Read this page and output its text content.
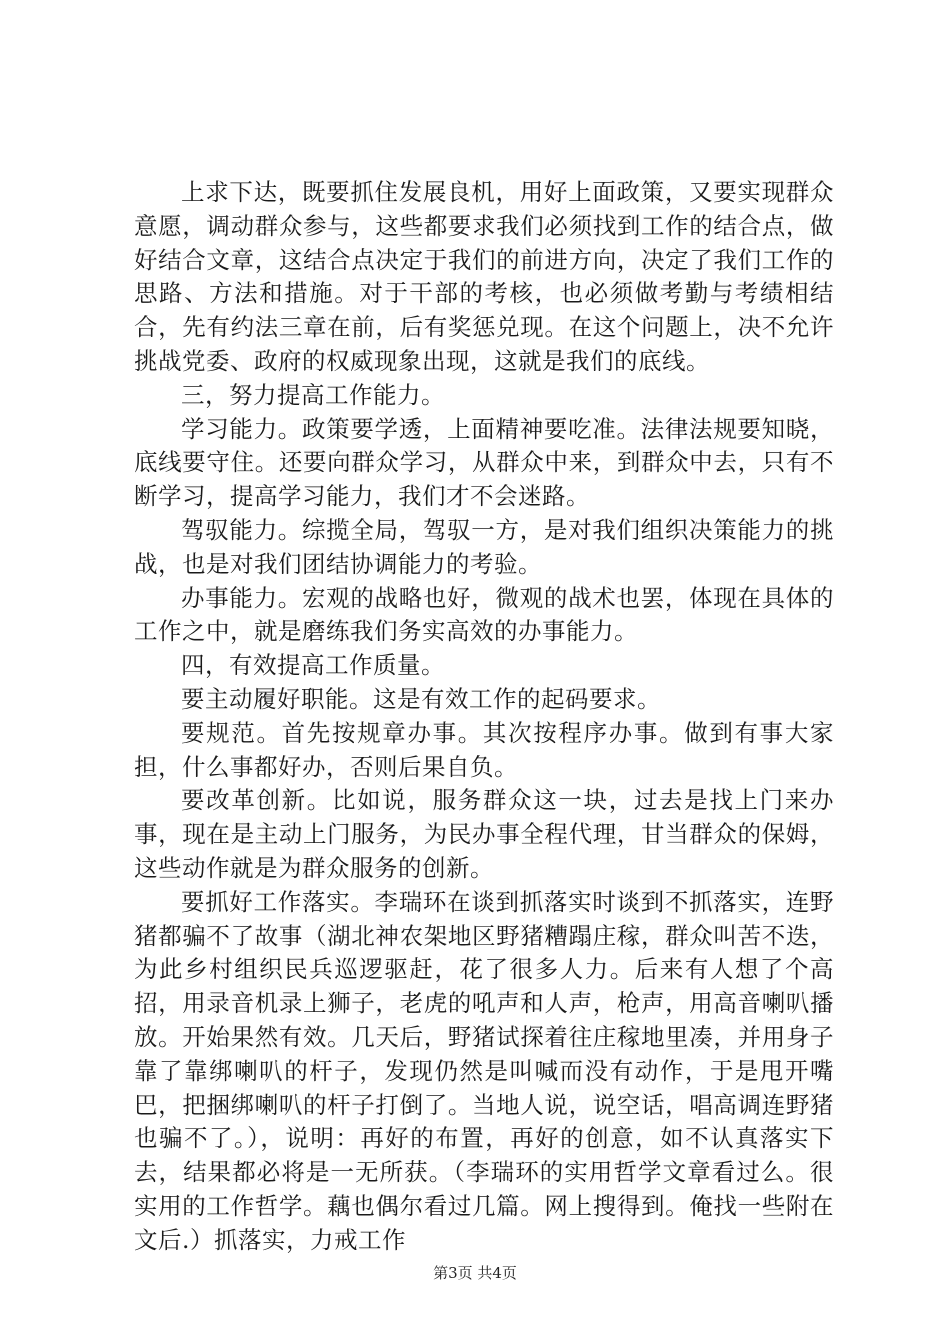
上求下达，既要抓住发展良机，用好上面政策，又要实现群众意愿，调动群众参与，这些都要求我们必须找到工作的结合点，做好结合文章，这结合点决定于我们的前进方向，决定了我们工作的思路、方法和措施。对于干部的考核，也必须做考勤与考绩相结合，先有约法三章在前，后有奖惩兑现。在这个问题上，决不允许挑战党委、政府的权威现象出现，这就是我们的底线。

三，努力提高工作能力。

学习能力。政策要学透，上面精神要吃准。法律法规要知晓，底线要守住。还要向群众学习，从群众中来，到群众中去，只有不断学习，提高学习能力，我们才不会迷路。

驾驭能力。综揽全局，驾驭一方，是对我们组织决策能力的挑战，也是对我们团结协调能力的考验。

办事能力。宏观的战略也好，微观的战术也罢，体现在具体的工作之中，就是磨练我们务实高效的办事能力。

四，有效提高工作质量。

要主动履好职能。这是有效工作的起码要求。

要规范。首先按规章办事。其次按程序办事。做到有事大家担，什么事都好办，否则后果自负。

要改革创新。比如说，服务群众这一块，过去是找上门来办事，现在是主动上门服务，为民办事全程代理，甘当群众的保姆，这些动作就是为群众服务的创新。

要抓好工作落实。李瑞环在谈到抓落实时谈到不抓落实，连野猪都骗不了故事（湖北神农架地区野猪糟蹋庄稼，群众叫苦不迭，为此乡村组织民兵巡逻驱赶，花了很多人力。后来有人想了个高招，用录音机录上狮子，老虎的吼声和人声，枪声，用高音喇叭播放。开始果然有效。几天后，野猪试探着往庄稼地里凑，并用身子靠了靠绑喇叭的杆子，发现仍然是叫喊而没有动作，于是甩开嘴巴，把捆绑喇叭的杆子打倒了。当地人说，说空话，唱高调连野猪也骗不了。），说明：再好的布置，再好的创意，如不认真落实下去，结果都必将是一无所获。（李瑞环的实用哲学文章看过么。很实用的工作哲学。藕也偶尔看过几篇。网上搜得到。俺找一些附在文后.）抓落实，力戒工作

第3页 共4页
